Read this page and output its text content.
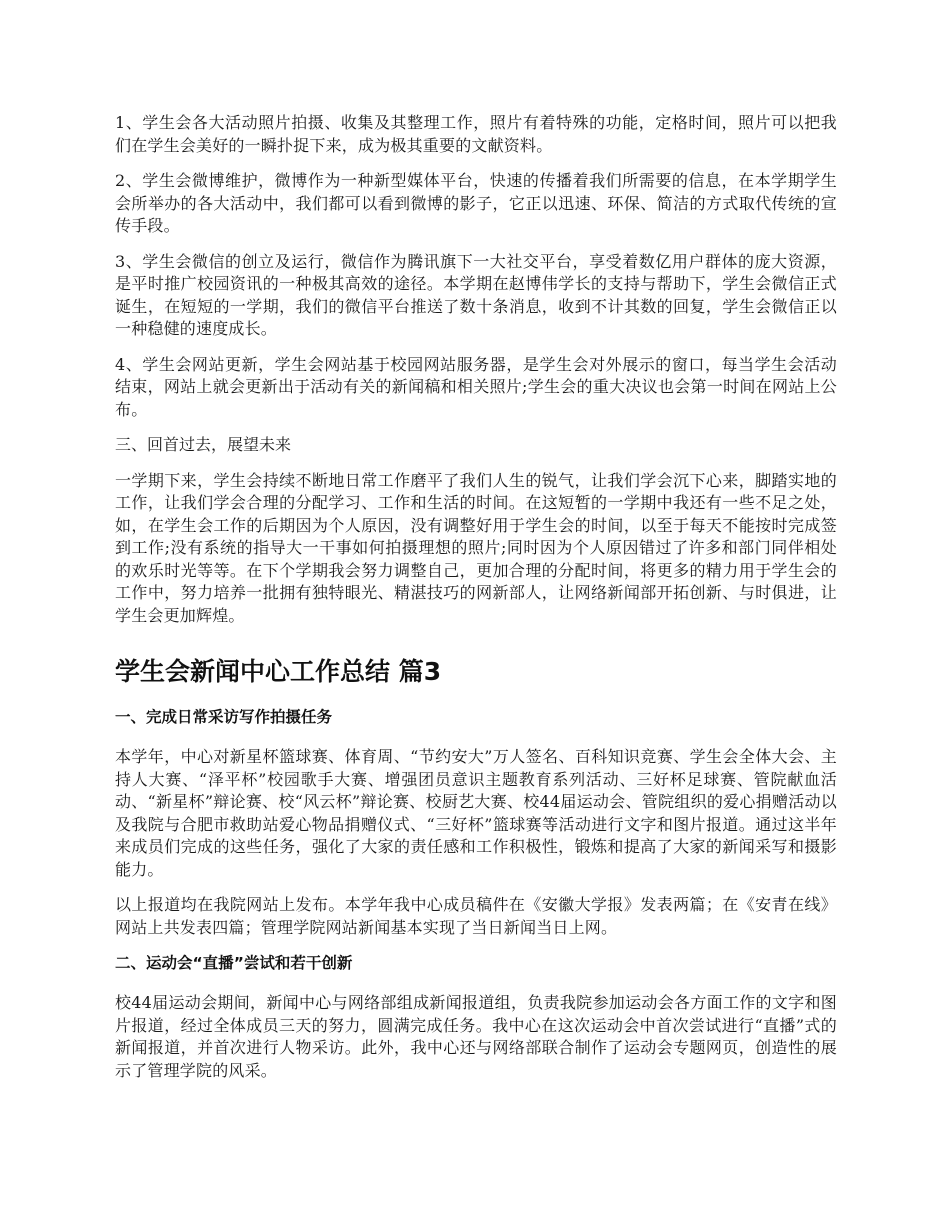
1、学生会各大活动照片拍摄、收集及其整理工作，照片有着特殊的功能，定格时间，照片可以把我们在学生会美好的一瞬扑捉下来，成为极其重要的文献资料。

2、学生会微博维护，微博作为一种新型媒体平台，快速的传播着我们所需要的信息，在本学期学生会所举办的各大活动中，我们都可以看到微博的影子，它正以迅速、环保、简洁的方式取代传统的宣传手段。

3、学生会微信的创立及运行，微信作为腾讯旗下一大社交平台，享受着数亿用户群体的庞大资源，是平时推广校园资讯的一种极其高效的途径。本学期在赵博伟学长的支持与帮助下，学生会微信正式诞生，在短短的一学期，我们的微信平台推送了数十条消息，收到不计其数的回复，学生会微信正以一种稳健的速度成长。

4、学生会网站更新，学生会网站基于校园网站服务器，是学生会对外展示的窗口，每当学生会活动结束，网站上就会更新出于活动有关的新闻稿和相关照片;学生会的重大决议也会第一时间在网站上公布。

三、回首过去，展望未来

一学期下来，学生会持续不断地日常工作磨平了我们人生的锐气，让我们学会沉下心来，脚踏实地的工作，让我们学会合理的分配学习、工作和生活的时间。在这短暂的一学期中我还有一些不足之处，如，在学生会工作的后期因为个人原因，没有调整好用于学生会的时间，以至于每天不能按时完成签到工作;没有系统的指导大一干事如何拍摄理想的照片;同时因为个人原因错过了许多和部门同伴相处的欢乐时光等等。在下个学期我会努力调整自己，更加合理的分配时间，将更多的精力用于学生会的工作中，努力培养一批拥有独特眼光、精湛技巧的网新部人，让网络新闻部开拓创新、与时俱进，让学生会更加辉煌。

学生会新闻中心工作总结 篇3
一、完成日常采访写作拍摄任务

本学年，中心对新星杯篮球赛、体育周、“节约安大”万人签名、百科知识竞赛、学生会全体大会、主持人大赛、“泽平杯”校园歌手大赛、增强团员意识主题教育系列活动、三好杯足球赛、管院献血活动、“新星杯”辩论赛、校“风云杯”辩论赛、校厨艺大赛、校44届运动会、管院组织的爱心捐赠活动以及我院与合肥市救助站爱心物品捐赠仪式、“三好杯”篮球赛等活动进行文字和图片报道。通过这半年来成员们完成的这些任务，强化了大家的责任感和工作积极性，锻炼和提高了大家的新闻采写和摄影能力。

以上报道均在我院网站上发布。本学年我中心成员稿件在《安徽大学报》发表两篇；在《安青在线》网站上共发表四篇；管理学院网站新闻基本实现了当日新闻当日上网。

二、运动会“直播”尝试和若干创新

校44届运动会期间，新闻中心与网络部组成新闻报道组，负责我院参加运动会各方面工作的文字和图片报道，经过全体成员三天的努力，圆满完成任务。我中心在这次运动会中首次尝试进行“直播”式的新闻报道，并首次进行人物采访。此外，我中心还与网络部联合制作了运动会专题网页，创造性的展示了管理学院的风采。
